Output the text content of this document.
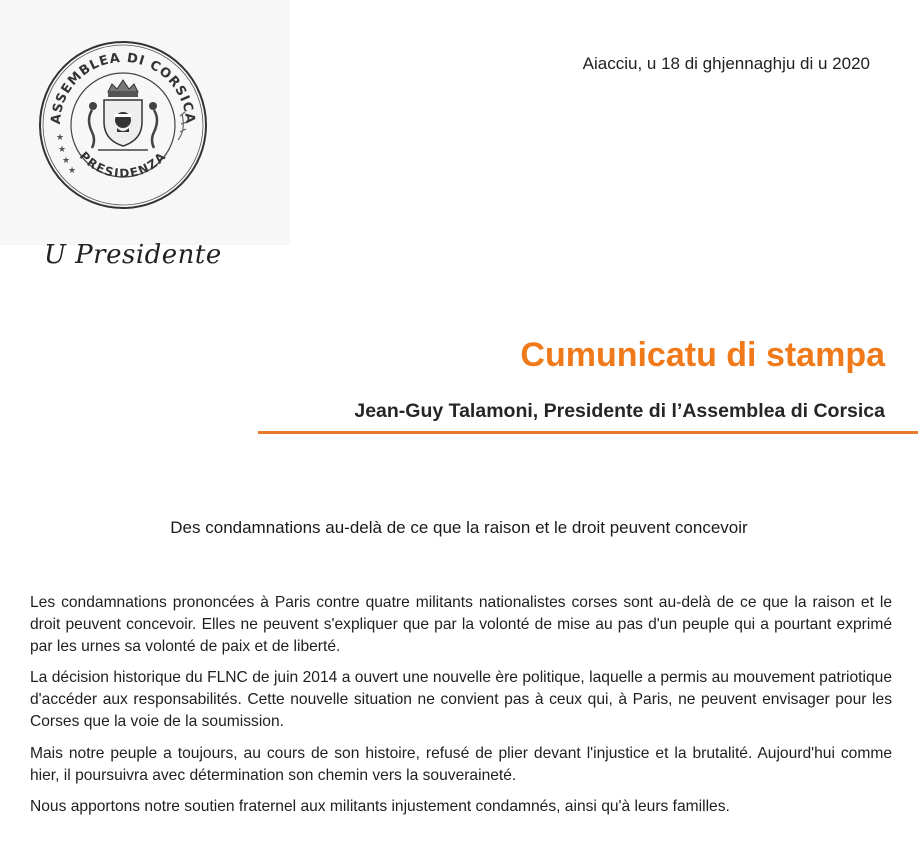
ASSEMBLEA DI CORSICA
PRESIDENZA
★
★
★
★
U Presidente
Aiacciu, u 18 di ghjennaghju di u 2020
Cumunicatu di stampa
Jean-Guy Talamoni, Presidente di l’Assemblea di Corsica
Des condamnations au-delà de ce que la raison et le droit peuvent concevoir

Les condamnations prononcées à Paris contre quatre militants nationalistes corses sont au-delà de ce que la raison et le droit peuvent concevoir. Elles ne peuvent s'expliquer que par la volonté de mise au pas d'un peuple qui a pourtant exprimé par les urnes sa volonté de paix et de liberté.

La décision historique du FLNC de juin 2014 a ouvert une nouvelle ère politique, laquelle a permis au mouvement patriotique d'accéder aux responsabilités. Cette nouvelle situation ne convient pas à ceux qui, à Paris, ne peuvent envisager pour les Corses que la voie de la soumission.

Mais notre peuple a toujours, au cours de son histoire, refusé de plier devant l'injustice et la brutalité. Aujourd'hui comme hier, il poursuivra avec détermination son chemin vers la souveraineté.

Nous apportons notre soutien fraternel aux militants injustement condamnés, ainsi qu'à leurs familles.
